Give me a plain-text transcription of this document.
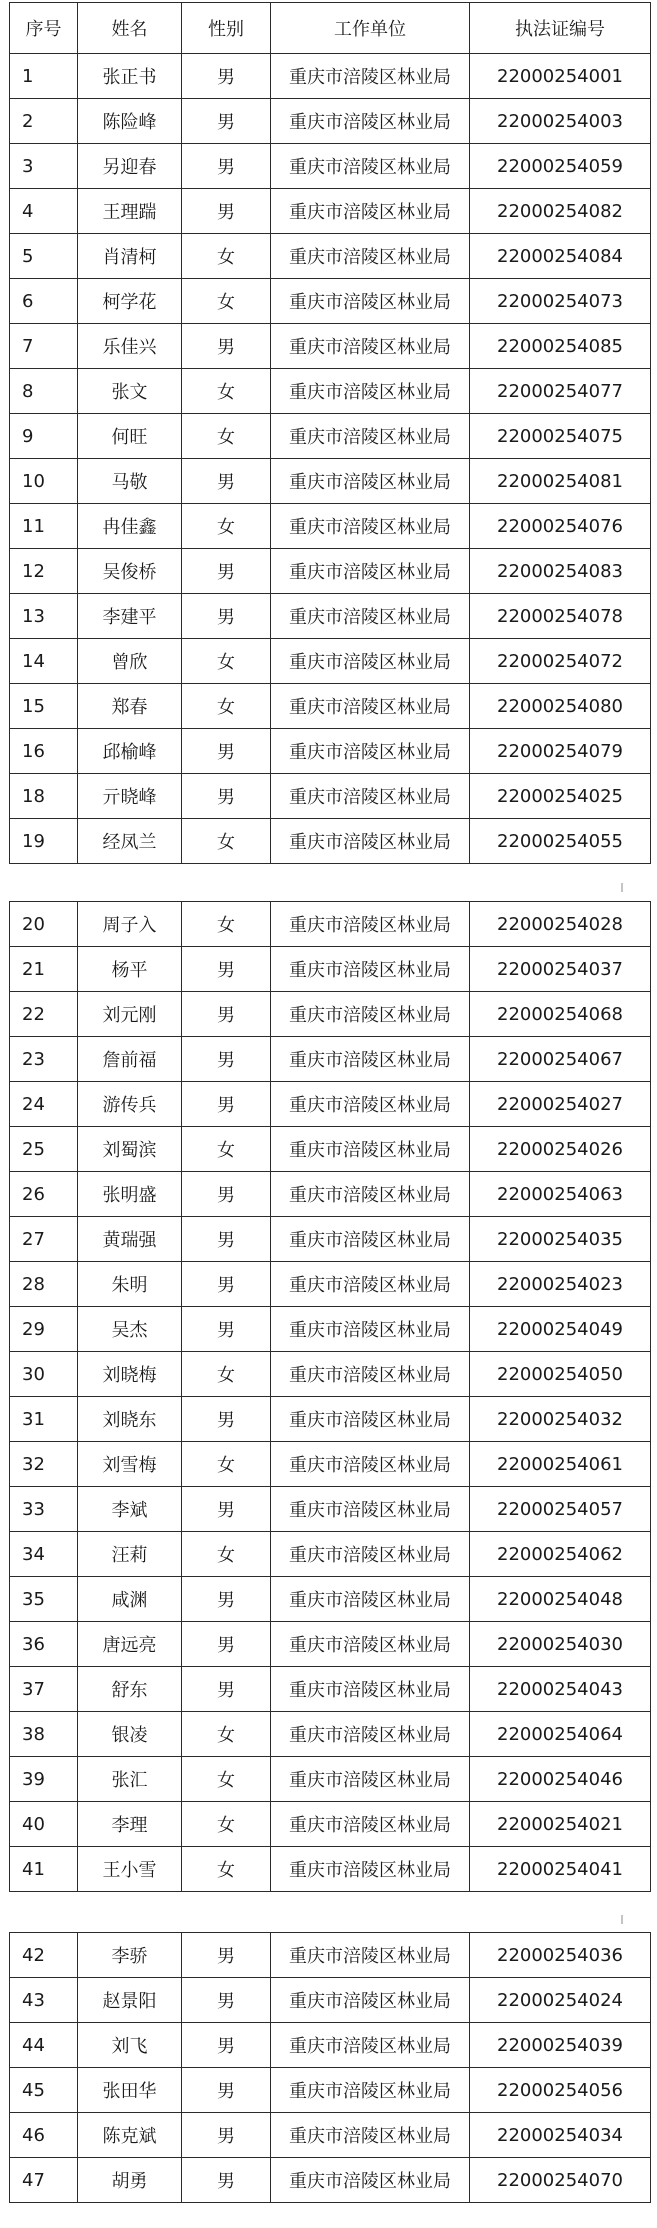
序号	姓名	性别	工作单位	执法证编号
1	张正书	男	重庆市涪陵区林业局	22000254001
2	陈险峰	男	重庆市涪陵区林业局	22000254003
3	另迎春	男	重庆市涪陵区林业局	22000254059
4	王理踹	男	重庆市涪陵区林业局	22000254082
5	肖清柯	女	重庆市涪陵区林业局	22000254084
6	柯学花	女	重庆市涪陵区林业局	22000254073
7	乐佳兴	男	重庆市涪陵区林业局	22000254085
8	张文	女	重庆市涪陵区林业局	22000254077
9	何旺	女	重庆市涪陵区林业局	22000254075
10	马敬	男	重庆市涪陵区林业局	22000254081
11	冉佳鑫	女	重庆市涪陵区林业局	22000254076
12	吴俊桥	男	重庆市涪陵区林业局	22000254083
13	李建平	男	重庆市涪陵区林业局	22000254078
14	曾欣	女	重庆市涪陵区林业局	22000254072
15	郑春	女	重庆市涪陵区林业局	22000254080
16	邱榆峰	男	重庆市涪陵区林业局	22000254079
18	亓晓峰	男	重庆市涪陵区林业局	22000254025
19	经凤兰	女	重庆市涪陵区林业局	22000254055
20	周子入	女	重庆市涪陵区林业局	22000254028
21	杨平	男	重庆市涪陵区林业局	22000254037
22	刘元刚	男	重庆市涪陵区林业局	22000254068
23	詹前福	男	重庆市涪陵区林业局	22000254067
24	游传兵	男	重庆市涪陵区林业局	22000254027
25	刘蜀滨	女	重庆市涪陵区林业局	22000254026
26	张明盛	男	重庆市涪陵区林业局	22000254063
27	黄瑞强	男	重庆市涪陵区林业局	22000254035
28	朱明	男	重庆市涪陵区林业局	22000254023
29	吴杰	男	重庆市涪陵区林业局	22000254049
30	刘晓梅	女	重庆市涪陵区林业局	22000254050
31	刘晓东	男	重庆市涪陵区林业局	22000254032
32	刘雪梅	女	重庆市涪陵区林业局	22000254061
33	李斌	男	重庆市涪陵区林业局	22000254057
34	汪莉	女	重庆市涪陵区林业局	22000254062
35	咸渊	男	重庆市涪陵区林业局	22000254048
36	唐远亮	男	重庆市涪陵区林业局	22000254030
37	舒东	男	重庆市涪陵区林业局	22000254043
38	银凌	女	重庆市涪陵区林业局	22000254064
39	张汇	女	重庆市涪陵区林业局	22000254046
40	李理	女	重庆市涪陵区林业局	22000254021
41	王小雪	女	重庆市涪陵区林业局	22000254041
42	李骄	男	重庆市涪陵区林业局	22000254036
43	赵景阳	男	重庆市涪陵区林业局	22000254024
44	刘飞	男	重庆市涪陵区林业局	22000254039
45	张田华	男	重庆市涪陵区林业局	22000254056
46	陈克斌	男	重庆市涪陵区林业局	22000254034
47	胡勇	男	重庆市涪陵区林业局	22000254070
